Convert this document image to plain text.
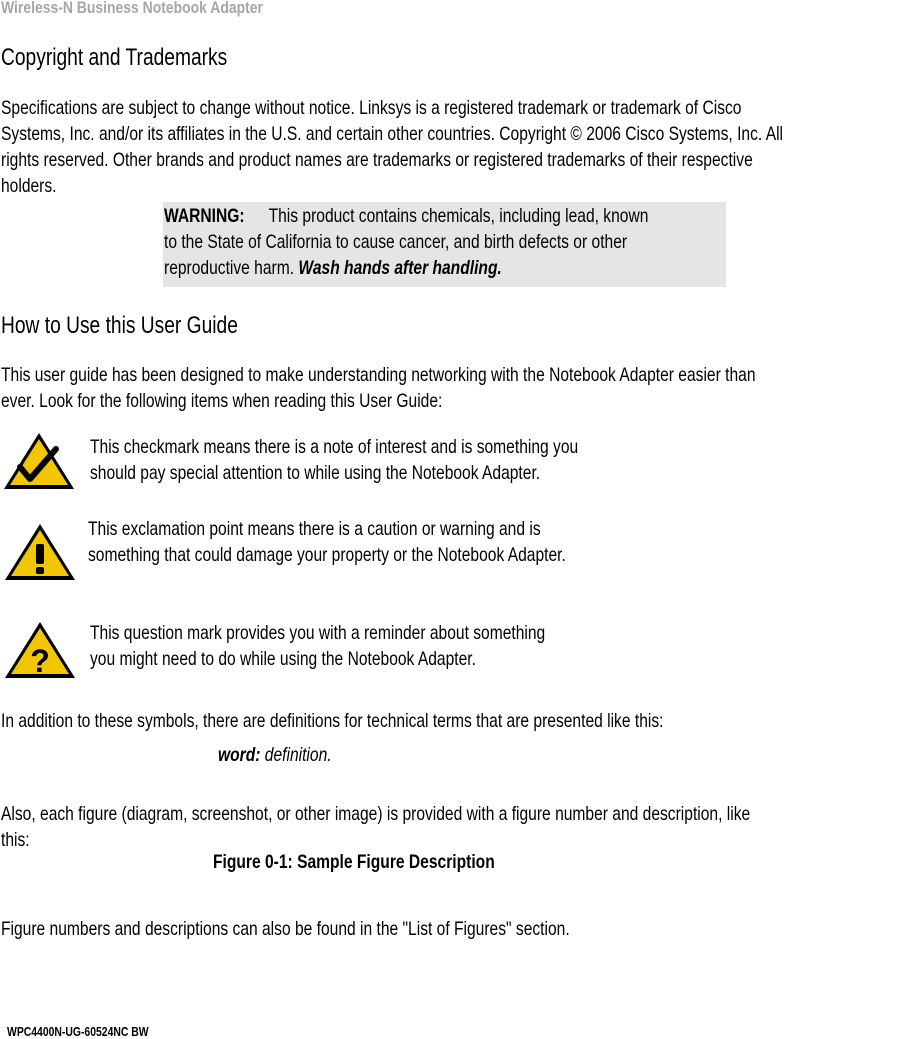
Wireless-N Business Notebook Adapter
Copyright and Trademarks
Specifications are subject to change without notice. Linksys is a registered trademark or trademark of Cisco
Systems, Inc. and/or its affiliates in the U.S. and certain other countries. Copyright © 2006 Cisco Systems, Inc. All
rights reserved. Other brands and product names are trademarks or registered trademarks of their respective
holders.
WARNING: This product contains chemicals, including lead, known
to the State of California to cause cancer, and birth defects or other
reproductive harm. Wash hands after handling.
How to Use this User Guide
This user guide has been designed to make understanding networking with the Notebook Adapter easier than
ever. Look for the following items when reading this User Guide:
This checkmark means there is a note of interest and is something you
should pay special attention to while using the Notebook Adapter.
This exclamation point means there is a caution or warning and is
something that could damage your property or the Notebook Adapter.
?
This question mark provides you with a reminder about something
you might need to do while using the Notebook Adapter.
In addition to these symbols, there are definitions for technical terms that are presented like this:
word: definition.
Also, each figure (diagram, screenshot, or other image) is provided with a figure number and description, like
this:
Figure 0-1: Sample Figure Description
Figure numbers and descriptions can also be found in the "List of Figures" section.
WPC4400N-UG-60524NC BW
